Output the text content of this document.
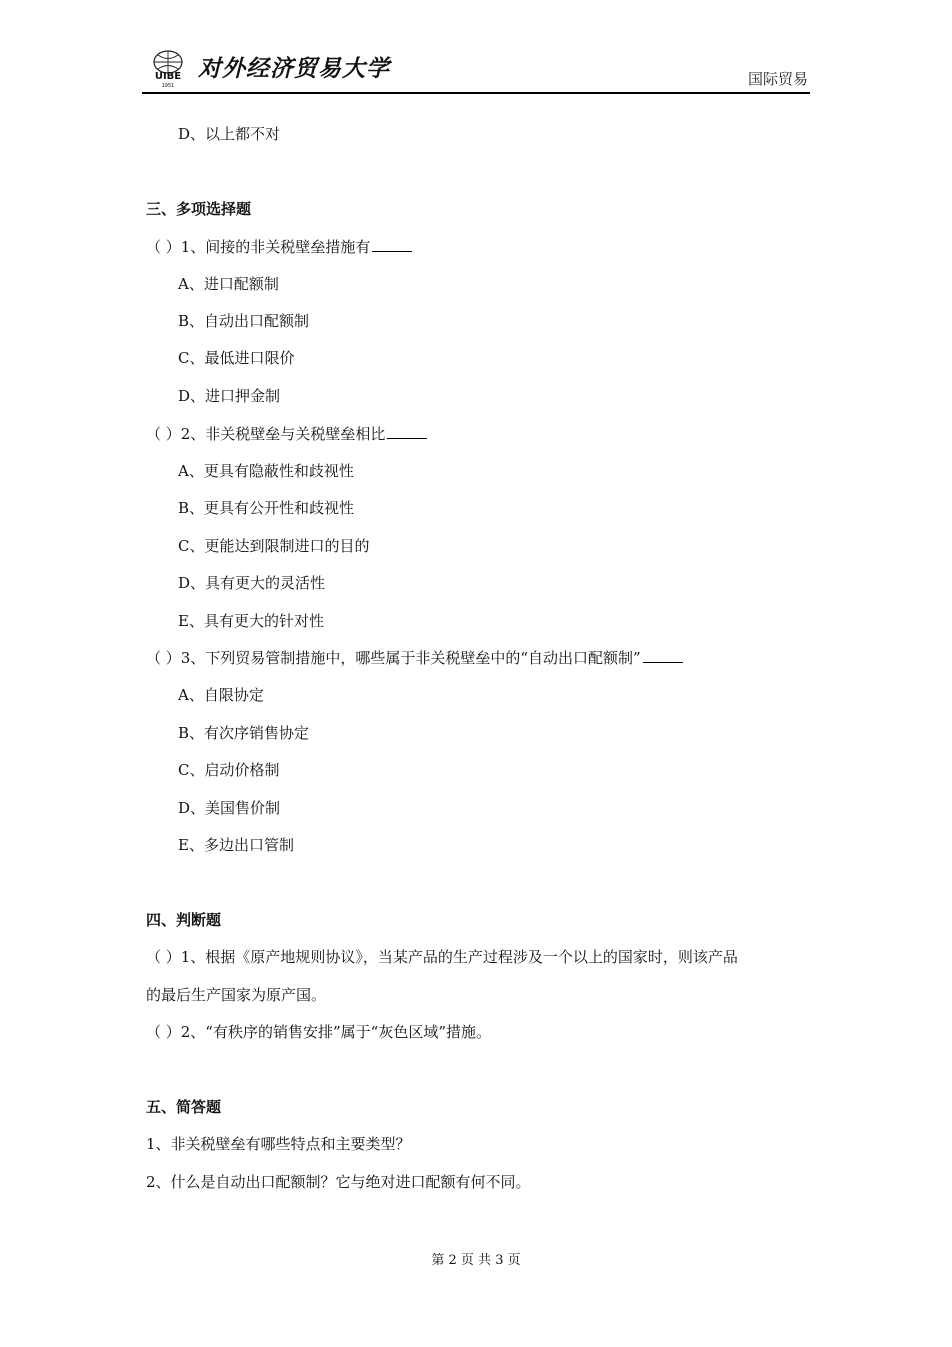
UIBE
1951
对外经济贸易大学	国际贸易
D、以上都不对
三、多项选择题
（ ）1、间接的非关税壁垒措施有
A、进口配额制
B、自动出口配额制
C、最低进口限价
D、进口押金制
（ ）2、非关税壁垒与关税壁垒相比
A、更具有隐蔽性和歧视性
B、更具有公开性和歧视性
C、更能达到限制进口的目的
D、具有更大的灵活性
E、具有更大的针对性
（ ）3、下列贸易管制措施中，哪些属于非关税壁垒中的“自动出口配额制”
A、自限协定
B、有次序销售协定
C、启动价格制
D、美国售价制
E、多边出口管制
四、判断题
（ ）1、根据《原产地规则协议》，当某产品的生产过程涉及一个以上的国家时，则该产品
的最后生产国家为原产国。
（ ）2、“有秩序的销售安排”属于“灰色区域”措施。
五、简答题
1、非关税壁垒有哪些特点和主要类型？
2、什么是自动出口配额制？它与绝对进口配额有何不同。
第 2 页 共 3 页
